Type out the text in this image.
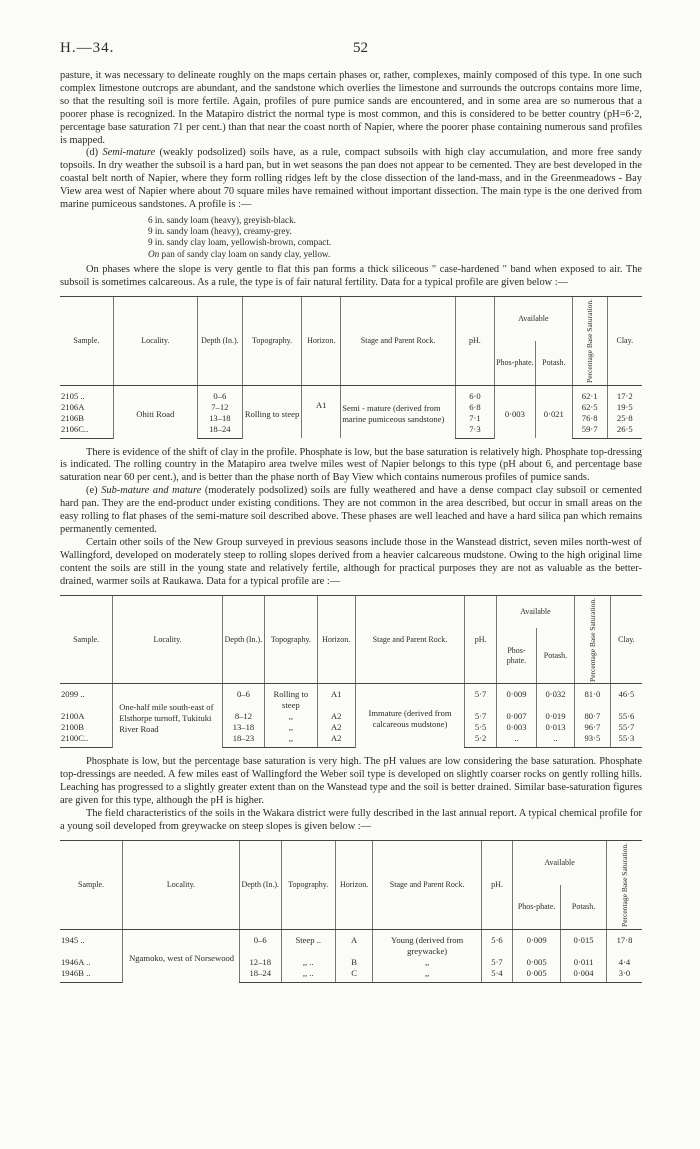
H.—34.	52

pasture, it was necessary to delineate roughly on the maps certain phases or, rather, complexes, mainly composed of this type. In one such complex limestone outcrops are abundant, and the sandstone which overlies the limestone and surrounds the outcrops contains more lime, so that the resulting soil is more fertile. Again, profiles of pure pumice sands are encountered, and in some area are so numerous that a poorer phase is recognized. In the Matapiro district the normal type is most common, and this is considered to be better country (pH=6·2, percentage base saturation 71 per cent.) than that near the coast north of Napier, where the poorer phase containing numerous sand profiles is mapped.

(d) Semi-mature (weakly podsolized) soils have, as a rule, compact subsoils with high clay accumulation, and more free sandy topsoils. In dry weather the subsoil is a hard pan, but in wet seasons the pan does not appear to be cemented. They are best developed in the coastal belt north of Napier, where they form rolling ridges left by the close dissection of the land-mass, and in the Greenmeadows - Bay View area west of Napier where about 70 square miles have remained without important dissection. The main type is the one derived from marine pumiceous sandstones. A profile is :—

6 in. sandy loam (heavy), greyish-black.
9 in. sandy loam (heavy), creamy-grey.
9 in. sandy clay loam, yellowish-brown, compact.
On pan of sandy clay loam on sandy clay, yellow.

On phases where the slope is very gentle to flat this pan forms a thick siliceous " case-hardened " band when exposed to air. The subsoil is sometimes calcareous. As a rule, the type is of fair natural fertility. Data for a typical profile are given below :—

Sample.	Locality.	Depth (In.).	Topography.	Horizon.	Stage and Parent Rock.	pH.	Available		Percentage Base Saturation.	Clay.
							Phos-phate.	Potash.		
2105 ..	Ohiti Road	0–6	Rolling to steep	A1	Semi - mature (derived from marine pumiceous sandstone)	6·0	0·003	0·021	62·1	17·2
2106A		7–12				6·8			62·5	19·5
2106B		13–18				7·1			76·8	25·8
2106C..		18–24				7·3			59·7	26·5

There is evidence of the shift of clay in the profile. Phosphate is low, but the base saturation is relatively high. Phosphate top-dressing is indicated. The rolling country in the Matapiro area twelve miles west of Napier belongs to this type (pH about 6, and percentage base saturation near 60 per cent.), and is better than the phase north of Bay View which contains numerous profiles of pumice sands.

(e) Sub-mature and mature (moderately podsolized) soils are fully weathered and have a dense compact clay subsoil or cemented hard pan. They are the end-product under existing conditions. They are not common in the area described, but occur in small areas on the easy rolling to flat phases of the semi-mature soil described above. These phases are well leached and have a hard silica pan which remains permanently cemented.

Certain other soils of the New Group surveyed in previous seasons include those in the Wanstead district, seven miles north-west of Wallingford, developed on moderately steep to rolling slopes derived from a heavier calcareous mudstone. Owing to the high original lime content the soils are still in the young state and relatively fertile, although for practical purposes they are not as valuable as the better-drained, warmer soils at Raukawa. Data for a typical profile are :—

Sample.	Locality.	Depth (In.).	Topography.	Horizon.	Stage and Parent Rock.	pH.	Available		Percentage Base Saturation.	Clay.
							Phos-phate.	Potash.		
2099 ..	One-half mile south-east of Elsthorpe turnoff, Tukituki River Road	0–6	Rolling to steep	A1	Immature (derived from calcareous mudstone)	5·7	0·009	0·032	81·0	46·5
2100A		8–12	,,	A2		5·7	0·007	0·019	80·7	55·6
2100B		13–18	,,	A2		5·5	0·003	0·013	96·7	55·7
2100C..		18–23	,,	A2		5·2	..	..	93·5	55·3

Phosphate is low, but the percentage base saturation is very high. The pH values are low considering the base saturation. Phosphate top-dressings are needed. A few miles east of Wallingford the Weber soil type is developed on slightly coarser rocks on gently rolling hills. Leaching has progressed to a slightly greater extent than on the Wanstead type and the soil is better drained. Similar base-saturation figures are given for this type, although the pH is higher.

The field characteristics of the soils in the Wakara district were fully described in the last annual report. A typical chemical profile for a young soil developed from greywacke on steep slopes is given below :—

Sample.	Locality.	Depth (In.).	Topography.	Horizon.	Stage and Parent Rock.	pH.	Available		Percentage Base Saturation.

							Phos-phate.	Potash.	
1945 ..	Ngamoko, west of Norsewood	0–6	Steep ..	A	Young (derived from greywacke)	5·6	0·009	0·015	17·8
1946A ..		12–18	,, ..	B	,,	5·7	0·005	0·011	4·4
1946B ..		18–24	,, ..	C	,,	5·4	0·005	0·004	3·0
